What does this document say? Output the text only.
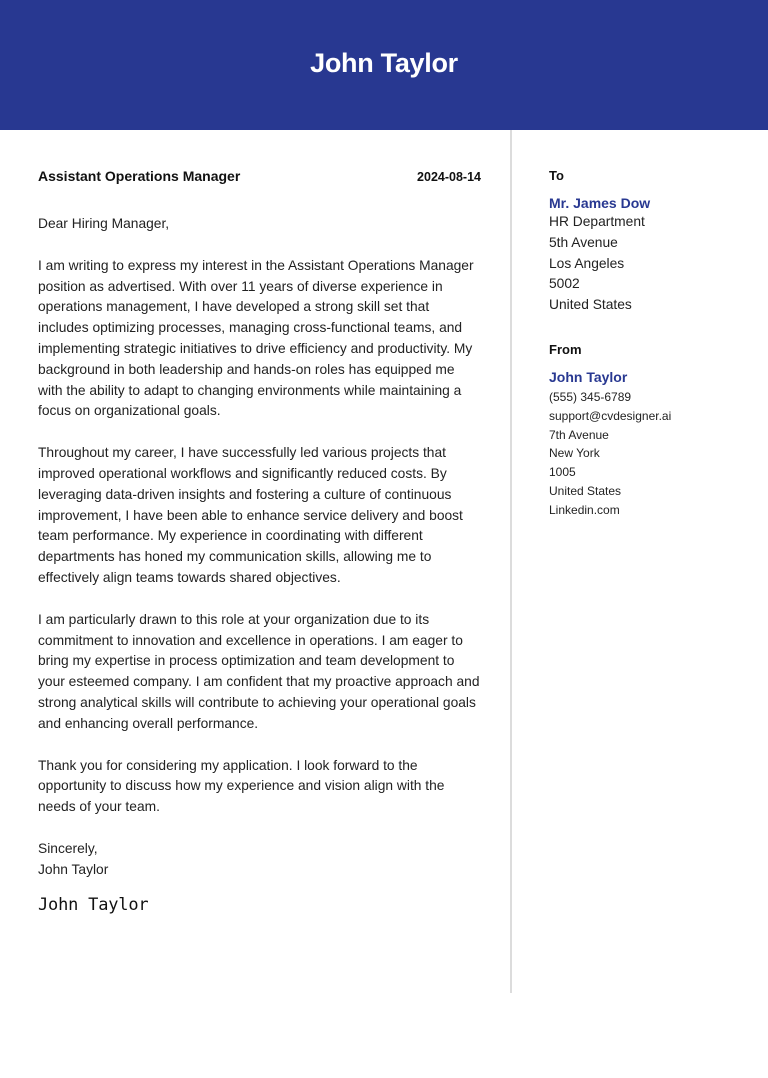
John Taylor
Assistant Operations Manager	2024-08-14

Dear Hiring Manager,

I am writing to express my interest in the Assistant Operations Manager position as advertised. With over 11 years of diverse experience in operations management, I have developed a strong skill set that includes optimizing processes, managing cross-functional teams, and implementing strategic initiatives to drive efficiency and productivity. My background in both leadership and hands-on roles has equipped me with the ability to adapt to changing environments while maintaining a focus on organizational goals.

Throughout my career, I have successfully led various projects that improved operational workflows and significantly reduced costs. By leveraging data-driven insights and fostering a culture of continuous improvement, I have been able to enhance service delivery and boost team performance. My experience in coordinating with different departments has honed my communication skills, allowing me to effectively align teams towards shared objectives.

I am particularly drawn to this role at your organization due to its commitment to innovation and excellence in operations. I am eager to bring my expertise in process optimization and team development to your esteemed company. I am confident that my proactive approach and strong analytical skills will contribute to achieving your operational goals and enhancing overall performance.

Thank you for considering my application. I look forward to the opportunity to discuss how my experience and vision align with the needs of your team.

Sincerely,
John Taylor
John Taylor
To
Mr. James Dow
HR Department
5th Avenue
Los Angeles
5002
United States
From
John Taylor
(555) 345-6789
support@cvdesigner.ai
7th Avenue
New York
1005
United States
Linkedin.com
